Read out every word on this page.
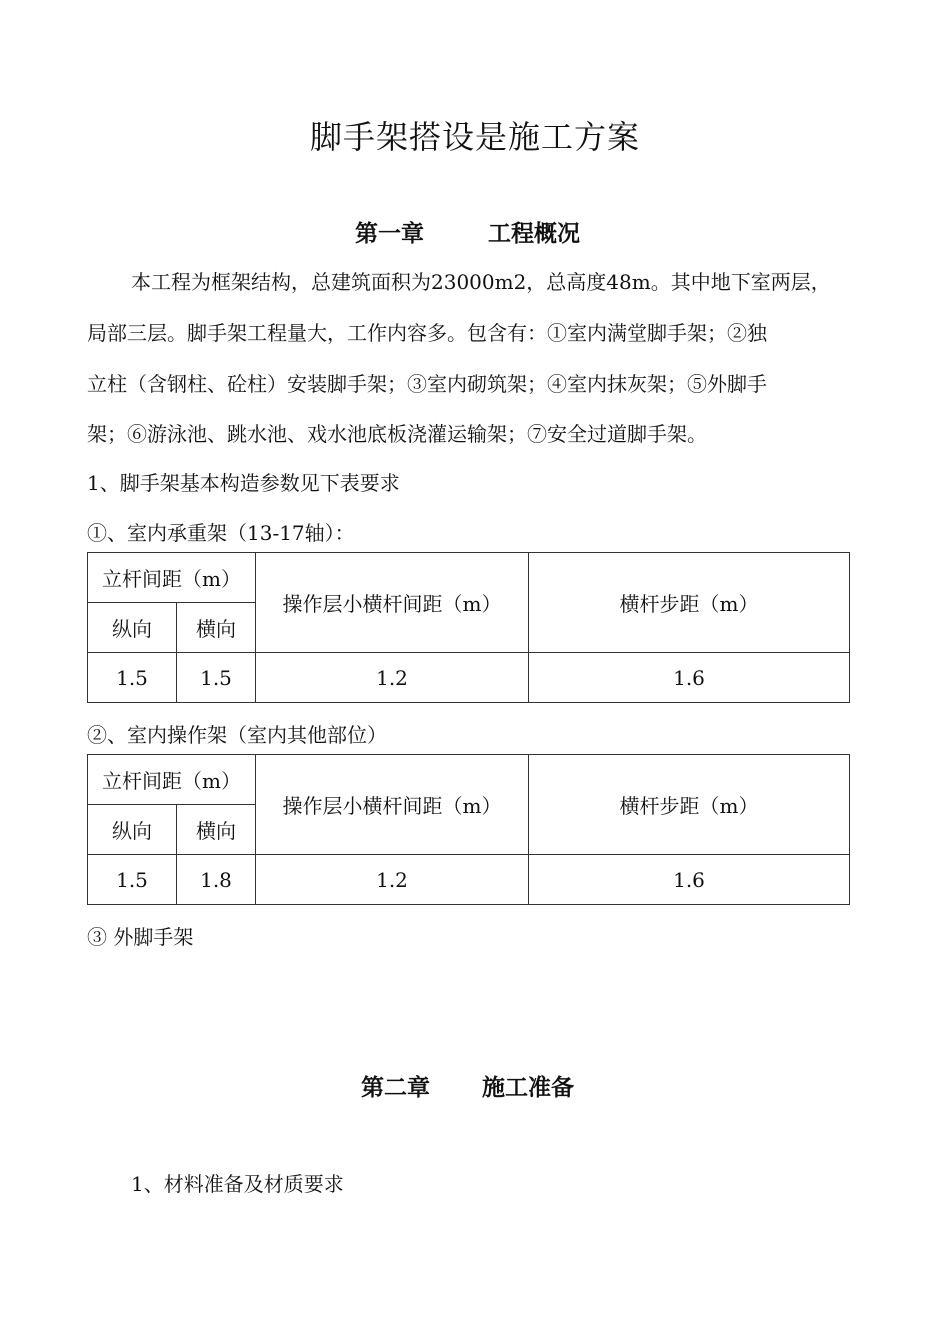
脚手架搭设是施工方案
第一章	工程概况
本工程为框架结构，总建筑面积为23000m2，总高度48m。其中地下室两层，
局部三层。脚手架工程量大，工作内容多。包含有：①室内满堂脚手架；②独
立柱（含钢柱、砼柱）安装脚手架；③室内砌筑架；④室内抹灰架；⑤外脚手
架；⑥游泳池、跳水池、戏水池底板浇灌运输架；⑦安全过道脚手架。
1、脚手架基本构造参数见下表要求
①、室内承重架（13-17轴）：
立杆间距（m）		操作层小横杆间距（m）	横杆步距（m）
纵向	横向		
1.5	1.5	1.2	1.6
②、室内操作架（室内其他部位）
立杆间距（m）		操作层小横杆间距（m）	横杆步距（m）
纵向	横向		
1.5	1.8	1.2	1.6
③ 外脚手架
第二章 施工准备
1、材料准备及材质要求
